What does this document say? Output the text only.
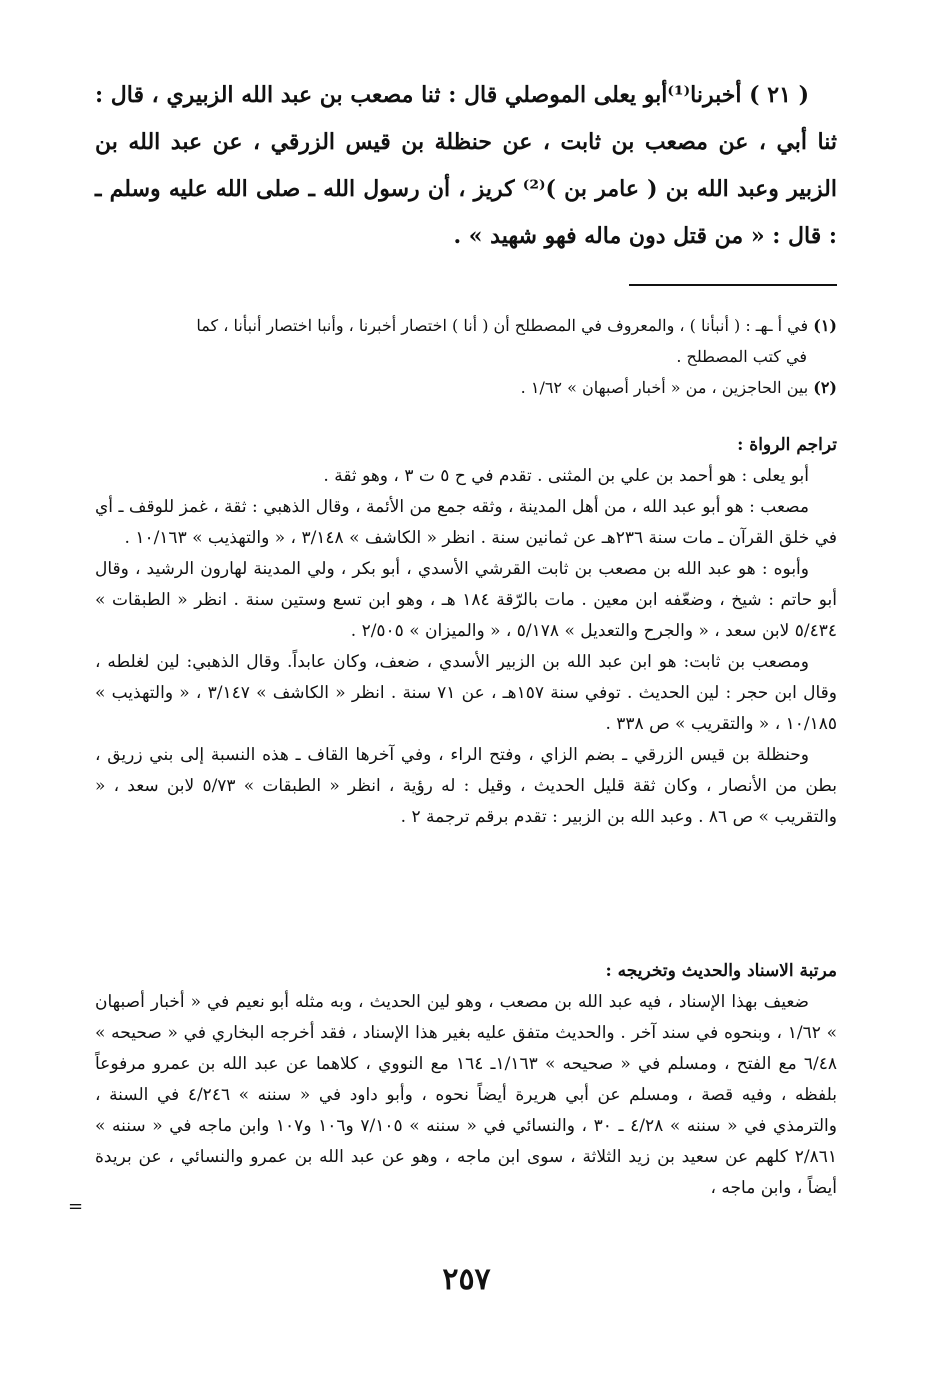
( ٢١ ) أخبرنا⁽¹⁾أبو يعلى الموصلي قال : ثنا مصعب بن عبد الله الزبيري ، قال : ثنا أبي ، عن مصعب بن ثابت ، عن حنظلة بن قيس الزرقي ، عن عبد الله بن الزبير وعبد الله بن ( عامر بن )⁽²⁾ كريز ، أن رسول الله ـ صلى الله عليه وسلم ـ : قال : « من قتل دون ماله فهو شهيد » .

(١) في أ ـهـ : ( أنبأنا ) ، والمعروف في المصطلح أن ( أنا ) اختصار أخبرنا ، وأنبا اختصار أنبأنا ، كما

في كتب المصطلح .

(٢) بين الحاجزين ، من « أخبار أصبهان » ١/٦٢ .

تراجم الرواة :

أبو يعلى : هو أحمد بن علي بن المثنى . تقدم في ح ٥ ت ٣ ، وهو ثقة .

مصعب : هو أبو عبد الله ، من أهل المدينة ، وثقه جمع من الأئمة ، وقال الذهبي : ثقة ، غمز للوقف ـ أي في خلق القرآن ـ مات سنة ٢٣٦هـ عن ثمانين سنة . انظر « الكاشف » ٣/١٤٨ ، « والتهذيب » ١٠/١٦٣ .

وأبوه : هو عبد الله بن مصعب بن ثابت القرشي الأسدي ، أبو بكر ، ولي المدينة لهارون الرشيد ، وقال أبو حاتم : شيخ ، وضعّفه ابن معين . مات بالرّقة ١٨٤ هـ ، وهو ابن تسع وستين سنة . انظر « الطبقات » ٥/٤٣٤ لابن سعد ، « والجرح والتعديل » ٥/١٧٨ ، « والميزان » ٢/٥٠٥ .

ومصعب بن ثابت: هو ابن عبد الله بن الزبير الأسدي ، ضعف، وكان عابداً. وقال الذهبي: لين لغلطه ، وقال ابن حجر : لين الحديث . توفي سنة ١٥٧هـ ، عن ٧١ سنة . انظر « الكاشف » ٣/١٤٧ ، « والتهذيب » ١٠/١٨٥ ، « والتقريب » ص ٣٣٨ .

وحنظلة بن قيس الزرقي ـ بضم الزاي ، وفتح الراء ، وفي آخرها القاف ـ هذه النسبة إلى بني زريق ، بطن من الأنصار ، وكان ثقة قليل الحديث ، وقيل : له رؤية ، انظر « الطبقات » ٥/٧٣ لابن سعد ، « والتقريب » ص ٨٦ . وعبد الله بن الزبير : تقدم برقم ترجمة ٢ .

مرتبة الاسناد والحديث وتخريجه :

ضعيف بهذا الإسناد ، فيه عبد الله بن مصعب ، وهو لين الحديث ، وبه مثله أبو نعيم في « أخبار أصبهان » ١/٦٢ ، وبنحوه في سند آخر . والحديث متفق عليه بغير هذا الإسناد ، فقد أخرجه البخاري في « صحيحه » ٦/٤٨ مع الفتح ، ومسلم في « صحيحه » ١/١٦٣ـ ١٦٤ مع النووي ، كلاهما عن عبد الله بن عمرو مرفوعاً بلفظه ، وفيه قصة ، ومسلم عن أبي هريرة أيضاً نحوه ، وأبو داود في « سننه » ٤/٢٤٦ في السنة ، والترمذي في « سننه » ٤/٢٨ ـ ٣٠ ، والنسائي في « سننه » ٧/١٠٥ و١٠٦ و١٠٧ وابن ماجه في « سننه » ٢/٨٦١ كلهم عن سعيد بن زيد الثلاثة ، سوى ابن ماجه ، وهو عن عبد الله بن عمرو والنسائي ، عن بريدة أيضاً ، وابن ماجه ،

=
٢٥٧
